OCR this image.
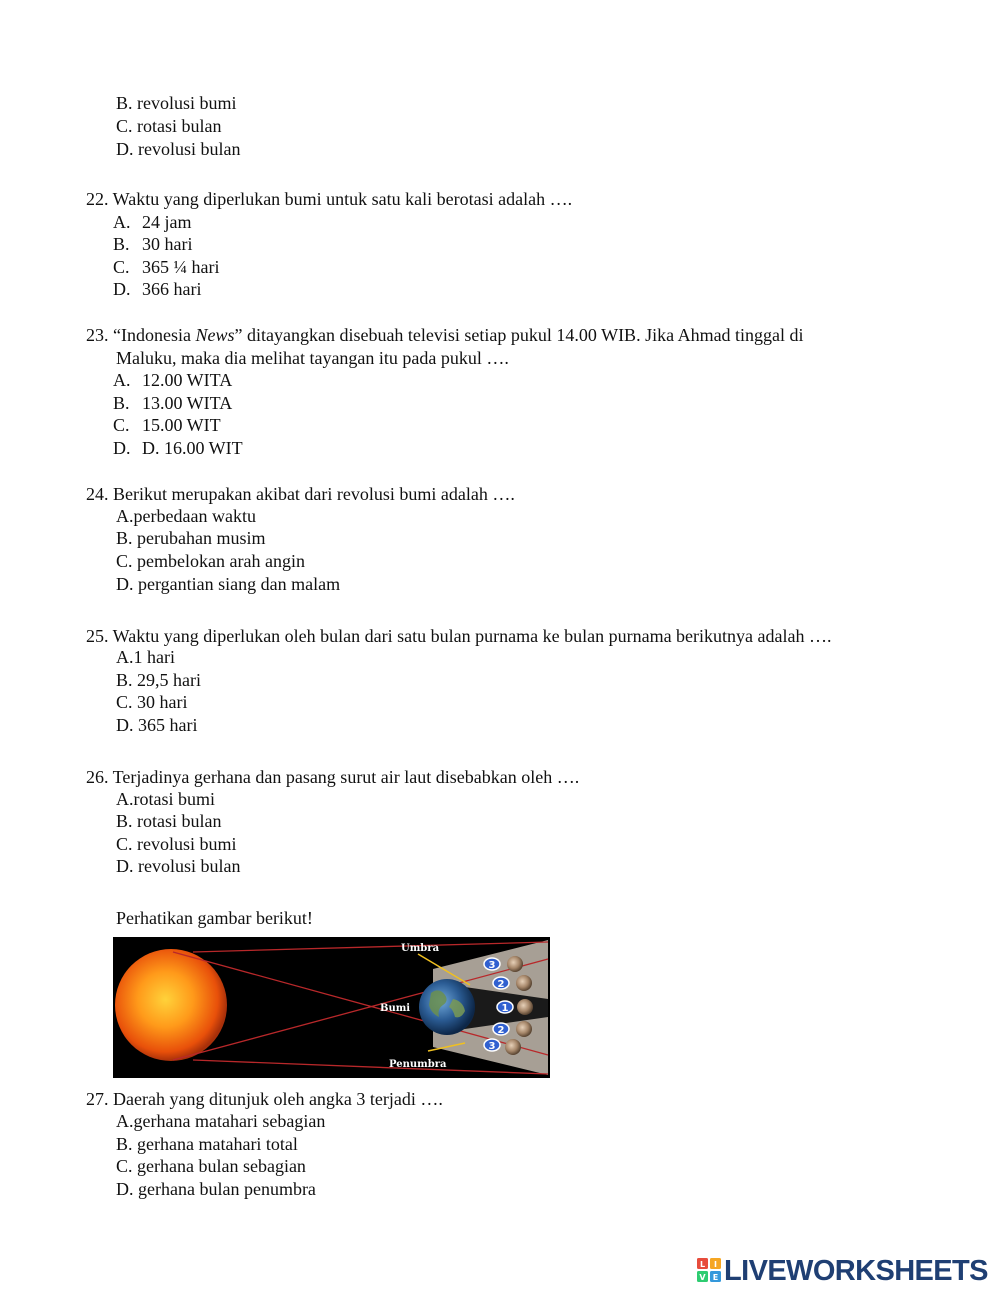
B. revolusi bumi
C. rotasi bulan
D. revolusi bulan
22. Waktu yang diperlukan bumi untuk satu kali berotasi adalah ….
A. 24 jam
B. 30 hari
C. 365 ¼ hari
D. 366 hari
23. “Indonesia News” ditayangkan disebuah televisi setiap pukul 14.00 WIB. Jika Ahmad tinggal di
Maluku, maka dia melihat tayangan itu pada pukul ….
A. 12.00 WITA
B. 13.00 WITA
C. 15.00 WIT
D. D. 16.00 WIT
24. Berikut merupakan akibat dari revolusi bumi adalah ….
A.perbedaan waktu
B. perubahan musim
C. pembelokan arah angin
D. pergantian siang dan malam
25. Waktu yang diperlukan oleh bulan dari satu bulan purnama ke bulan purnama berikutnya adalah ….
A.1 hari
B. 29,5 hari
C. 30 hari
D. 365 hari
26. Terjadinya gerhana dan pasang surut air laut disebabkan oleh ….
A.rotasi bumi
B. rotasi bulan
C. revolusi bumi
D. revolusi bulan
Perhatikan gambar berikut!
Umbra
Bumi
Penumbra
3
2
1
2
3
27. Daerah yang ditunjuk oleh angka 3 terjadi ….
A.gerhana matahari sebagian
B. gerhana matahari total
C. gerhana bulan sebagian
D. gerhana bulan penumbra
L I
V E LIVEWORKSHEETS
